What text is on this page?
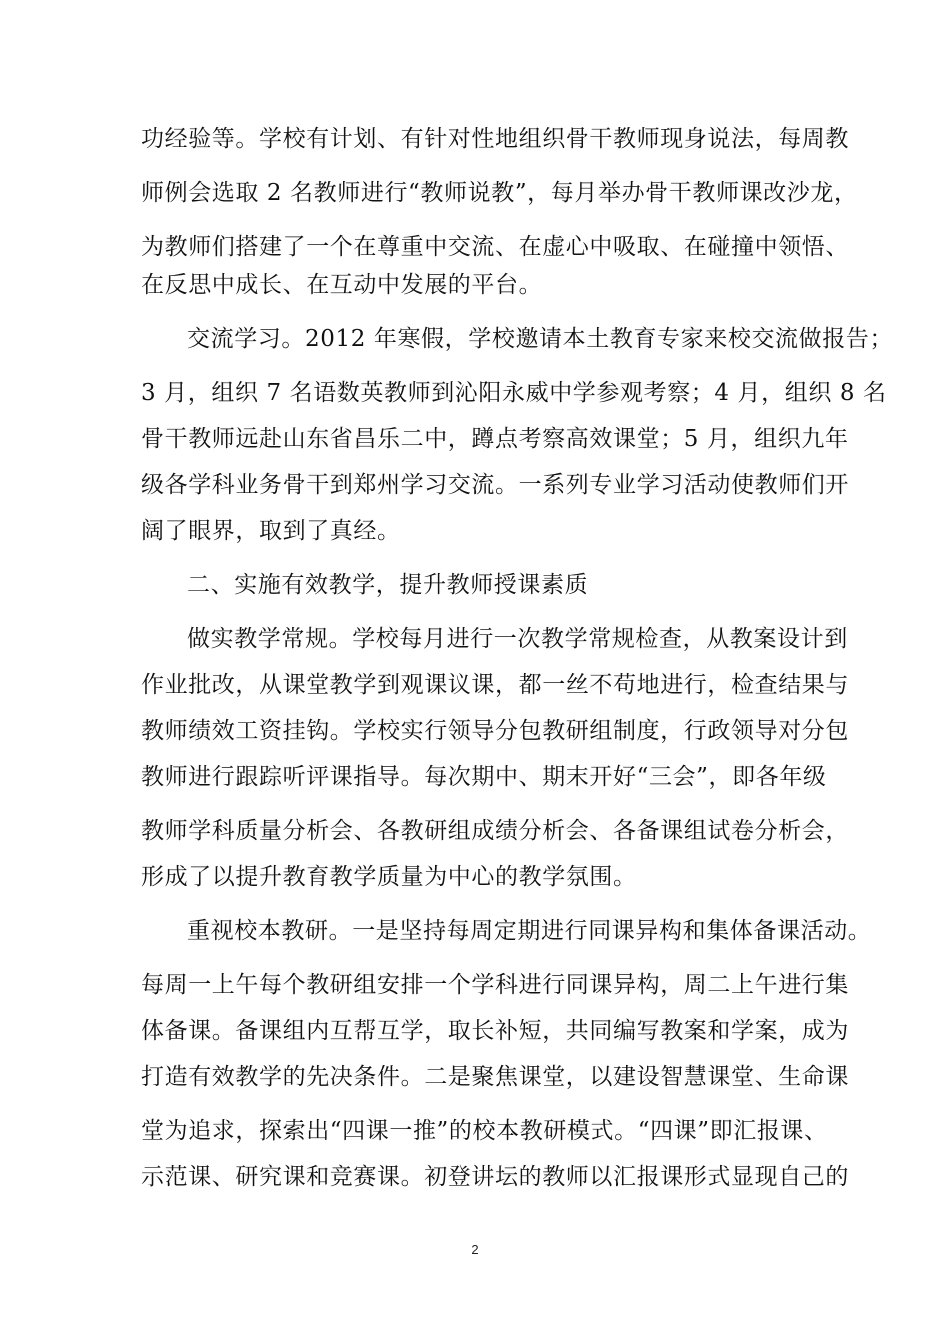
功经验等。学校有计划、有针对性地组织骨干教师现身说法，每周教
师例会选取 2 名教师进行“教师说教”，每月举办骨干教师课改沙龙，
为教师们搭建了一个在尊重中交流、在虚心中吸取、在碰撞中领悟、
在反思中成长、在互动中发展的平台。
交流学习。2012 年寒假，学校邀请本土教育专家来校交流做报告；
3 月，组织 7 名语数英教师到沁阳永威中学参观考察；4 月，组织 8 名
骨干教师远赴山东省昌乐二中，蹲点考察高效课堂；5 月，组织九年
级各学科业务骨干到郑州学习交流。一系列专业学习活动使教师们开
阔了眼界，取到了真经。
二、实施有效教学，提升教师授课素质
做实教学常规。学校每月进行一次教学常规检查，从教案设计到
作业批改，从课堂教学到观课议课，都一丝不苟地进行，检查结果与
教师绩效工资挂钩。学校实行领导分包教研组制度，行政领导对分包
教师进行跟踪听评课指导。每次期中、期末开好“三会”，即各年级
教师学科质量分析会、各教研组成绩分析会、各备课组试卷分析会，
形成了以提升教育教学质量为中心的教学氛围。
重视校本教研。一是坚持每周定期进行同课异构和集体备课活动。
每周一上午每个教研组安排一个学科进行同课异构，周二上午进行集
体备课。备课组内互帮互学，取长补短，共同编写教案和学案，成为
打造有效教学的先决条件。二是聚焦课堂，以建设智慧课堂、生命课
堂为追求，探索出“四课一推”的校本教研模式。“四课”即汇报课、
示范课、研究课和竞赛课。初登讲坛的教师以汇报课形式显现自己的
2
